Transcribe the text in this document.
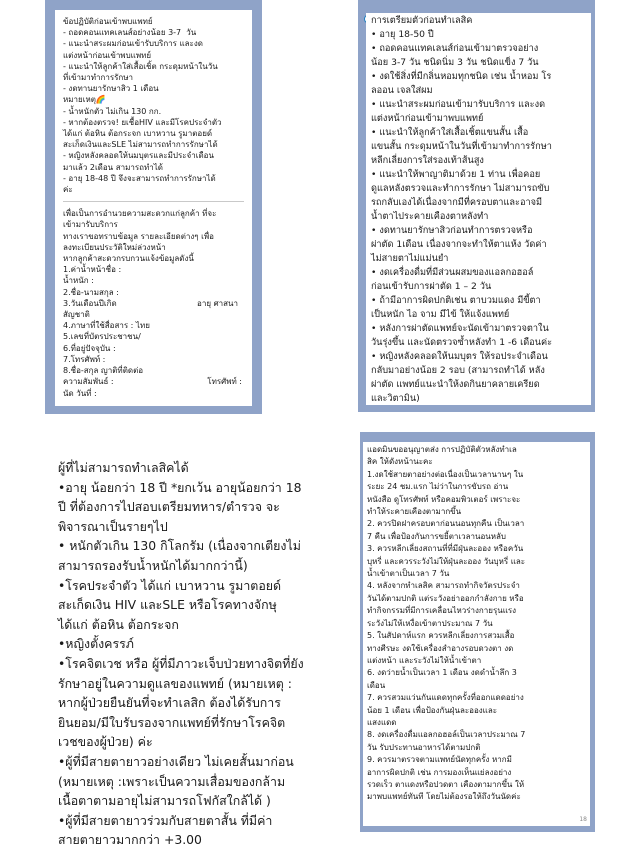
ข้อปฏิบัติก่อนเข้าพบแพทย์
- ถอดคอนแทคเลนส์อย่างน้อย 3-7  วัน
- แนะนำสระผมก่อนเข้ารับบริการ และงด
แต่งหน้าก่อนเข้าพบแพทย์
- แนะนำให้ลูกค้าใส่เสื้อเชิ้ต กระดุมหน้าในวัน
ที่เข้ามาทำการรักษา
- งดทานยารักษาสิว 1 เดือน
หมายเหตุ🌈
- น้ำหนักตัว ไม่เกิน 130 กก.
- หากต้องตรวจ! ยเชื้อHIV และมีโรคประจำตัว
ได้แก่ ต้อหิน ต้อกระจก เบาหวาน รูมาตอยด์
สะเก็ดเงินและSLE ไม่สามารถทำการรักษาได้
- หญิงหลังคลอดให้นมบุตรและมีประจำเดือน
มาแล้ว 2เดือน สามารถทำได้
- อายุ 18-48 ปี จึงจะสามารถทำการรักษาได้
ค่ะ
เพื่อเป็นการอำนวยความสะดวกแก่ลูกค้า ที่จะ
เข้ามารับบริการ
ทางเราขอทราบข้อมูล รายละเอียดต่างๆ เพื่อ
ลงทะเบียนประวัติใหม่ล่วงหน้า
หากลูกค้าสะดวกรบกวนแจ้งข้อมูลดังนี้
1.ค่าน้ำหน้าชื่อ :
น้ำหนัก :
2.ชื่อ-นามสกุล :
3.วันเดือนปีเกิด	อายุ ศาสนา
สัญชาติ
4.ภาษาที่ใช้สื่อสาร : ไทย
5.เลขที่บัตรประชาชน/
6.ที่อยู่ปัจจุบัน :
7.โทรศัพท์ :
8.ชื่อ-สกุล ญาติที่ติดต่อ
ความสัมพันธ์ :	โทรศัพท์ :
นัด วันที่ :
การเตรียมตัวก่อนทำเลสิค
• อายุ 18-50 ปี
• ถอดคอนแทคเลนส์ก่อนเข้ามาตรวจอย่าง
น้อย 3-7 วัน ชนิดนิ่ม 3 วัน ชนิดแข็ง 7 วัน
• งดใช้สิ่งที่มีกลิ่นหอมทุกชนิด เช่น น้ำหอม โร
ลออน เจลใส่ผม
• แนะนำสระผมก่อนเข้ามารับบริการ และงด
แต่งหน้าก่อนเข้ามาพบแพทย์
• แนะนำให้ลูกค้าใส่เสื้อเชิ้ตแขนสั้น เสื้อ
แขนสั้น กระดุมหน้าในวันที่เข้ามาทำการรักษา
หลีกเลี่ยงการใส่รองเท้าส้นสูง
• แนะนำให้พาญาติมาด้วย 1 ท่าน เพื่อคอย
ดูแลหลังตรวจและทำการรักษา ไม่สามารถขับ
รถกลับเองได้เนื่องจากมีที่ครอบตาและอาจมี
น้ำตาไประคายเคืองตาหลังทำ
• งดทานยารักษาสิวก่อนทำการตรวจหรือ
ผ่าตัด 1เดือน เนื่องจากจะทำให้ตาแห้ง วัดค่า
ไม่สายตาไม่แม่นยำ
• งดเครื่องดื่มที่มีส่วนผสมของแอลกอฮอล์
ก่อนเข้ารับการผ่าตัด 1 – 2 วัน
• ถ้ามีอาการผิดปกติเช่น ตาบวมแดง มีขี้ตา
เป็นหนัก ไอ จาม มีไข้ ให้แจ้งแพทย์
• หลังการผ่าตัดแพทย์จะนัดเข้ามาตรวจตาใน
วันรุ่งขึ้น และนัดตรวจซ้ำหลังทำ 1 -6 เดือนค่ะ
• หญิงหลังคลอดให้นมบุตร ให้รอประจำเดือน
กลับมาอย่างน้อย 2 รอบ (สามารถทำได้ หลัง
ผ่าตัด แพทย์แนะนำให้งดกินยาคลายเครียด
และวิตามิน)
ผู้ที่ไม่สามารถทำเลสิคได้
•อายุ น้อยกว่า 18 ปี *ยกเว้น อายุน้อยกว่า 18
ปี ที่ต้องการไปสอบเตรียมทหาร/ตำรวจ จะ
พิจารณาเป็นรายๆไป
• หนักตัวเกิน 130 กิโลกรัม (เนื่องจากเตียงไม่
สามารถรองรับน้ำหนักได้มากกว่านี้)
•โรคประจำตัว ได้แก่ เบาหวาน รูมาตอยด์
สะเก็ดเงิน HIV และSLE หรือโรคทางจักษุ
ได้แก่ ต้อหิน ต้อกระจก
•หญิงตั้งครรภ์
•โรคจิตเวช หรือ ผู้ที่มีภาวะเจ็บป่วยทางจิตที่ยัง
รักษาอยู่ในความดูแลของแพทย์ (หมายเหตุ :
หากผู้ป่วยยืนยันที่จะทำเลสิก ต้องได้รับการ
ยินยอม/มีใบรับรองจากแพทย์ที่รักษาโรคจิต
เวชของผู้ป่วย) ค่ะ
•ผู้ที่มีสายตายาวอย่างเดียว ไม่เคยสั้นมาก่อน
(หมายเหตุ :เพราะเป็นความเสื่อมของกล้าม
เนื้อตาตามอายุไม่สามารถโฟกัสใกล้ได้ )
•ผู้ที่มีสายตายาวร่วมกับสายตาสั้น ที่มีค่า
สายตายาวมากกว่า +3.00
แอดมินขออนุญาตส่ง การปฏิบัติตัวหลังทำเล
สิค ให้ดังหน้านะคะ
1.งดใช้สายตาอย่างต่อเนื่องเป็นเวลานานๆ ใน
ระยะ 24 ชม.แรก ไม่ว่าในการขับรถ อ่าน
หนังสือ ดูโทรศัพท์ หรือคอมพิวเตอร์ เพราะจะ
ทำให้ระคายเคืองตามากขึ้น
2. ควรปิดฝาครอบตาก่อนนอนทุกคืน เป็นเวลา
7 คืน เพื่อป้องกันการขยี้ตาเวลานอนหลับ
3. ควรหลีกเลี่ยงสถานที่ที่มีฝุ่นละออง หรือควัน
บุหรี่ และควรระวังไม่ให้ฝุ่นละออง วันบุหรี่ และ
น้ำเข้าตาเป็นเวลา 7 วัน
4. หลังจากทำเลสิค สามารถทำกิจวัตรประจำ
วันได้ตามปกติ แต่ระวังอย่าออกกำลังกาย หรือ
ทำกิจกรรมที่มีการเคลื่อนไหวร่างกายรุนแรง
ระวังไม่ให้เหงื่อเข้าตาประมาณ 7 วัน
5. ในสัปดาห์แรก ควรหลีกเลี่ยงการสวมเสื้อ
ทางศีรษะ งดใช้เครื่องสำอางรอบดวงตา งด
แต่งหน้า และระวังไม่ให้น้ำเข้าตา
6. งดว่ายน้ำเป็นเวลา 1 เดือน งดดำน้ำลึก 3
เดือน
7. ควรสวมแว่นกันแดดทุกครั้งที่ออกแดดอย่าง
น้อย 1 เดือน เพื่อป้องกันฝุ่นละอองและ
แสงแดด
8. งดเครื่องดื่มแอลกอฮอล์เป็นเวลาประมาณ 7
วัน รับประทานอาหารได้ตามปกติ
9. ควรมาตรวจตามแพทย์นัดทุกครั้ง หากมี
อาการผิดปกติ เช่น การมองเห็นแย่ลงอย่าง
รวดเร็ว ตาแดงหรือปวดตา เคืองตามากขึ้น ให้
มาพบแพทย์ทันที โดยไม่ต้องรอให้ถึงวันนัดค่ะ
18
